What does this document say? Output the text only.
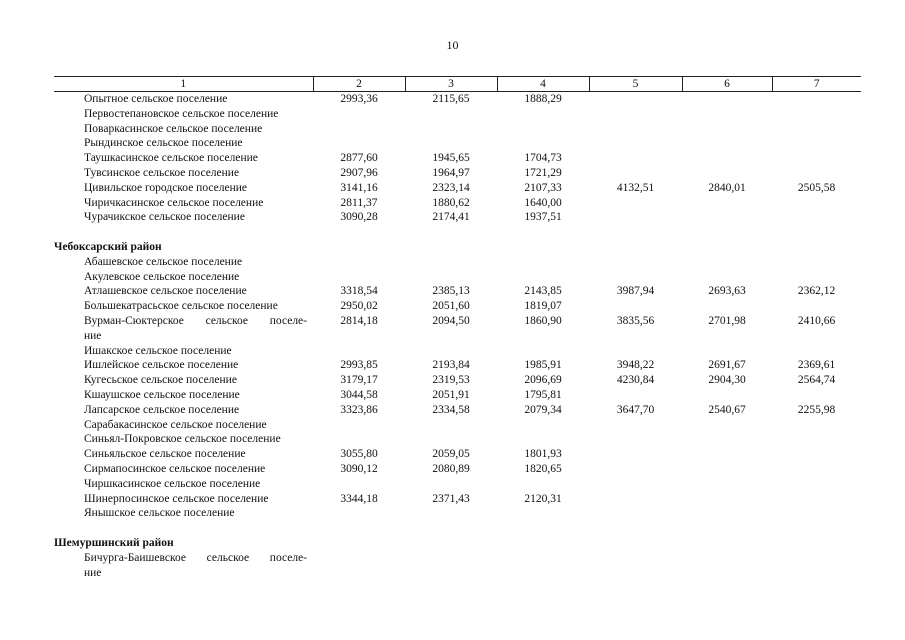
10
1	2	3	4	5	6	7
Опытное сельское поселение	2993,36	2115,65	1888,29			
Первостепановское сельское поселение						
Поваркасинское сельское поселение						
Рындинское сельское поселение						
Таушкасинское сельское поселение	2877,60	1945,65	1704,73			
Тувсинское сельское поселение	2907,96	1964,97	1721,29			
Цивильское городское поселение	3141,16	2323,14	2107,33	4132,51	2840,01	2505,58
Чиричкасинское сельское поселение	2811,37	1880,62	1640,00			
Чурачикское сельское поселение	3090,28	2174,41	1937,51			

Чебоксарский район						
Абашевское сельское поселение						
Акулевское сельское поселение						
Атлашевское сельское поселение	3318,54	2385,13	2143,85	3987,94	2693,63	2362,12
Большекатрасьское сельское поселение	2950,02	2051,60	1819,07			

Вурман-Сюктерское сельское поселе-
ние	2814,18	2094,50	1860,90	3835,56	2701,98	2410,66
Ишакское сельское поселение						
Ишлейское сельское поселение	2993,85	2193,84	1985,91	3948,22	2691,67	2369,61
Кугесьское сельское поселение	3179,17	2319,53	2096,69	4230,84	2904,30	2564,74
Кшаушское сельское поселение	3044,58	2051,91	1795,81			
Лапсарское сельское поселение	3323,86	2334,58	2079,34	3647,70	2540,67	2255,98
Сарабакасинское сельское поселение						
Синьял-Покровское сельское поселение						
Синьяльское сельское поселение	3055,80	2059,05	1801,93			
Сирмапосинское сельское поселение	3090,12	2080,89	1820,65			
Чиршкасинское сельское поселение						
Шинерпосинское сельское поселение	3344,18	2371,43	2120,31			
Янышское сельское поселение						

Шемуршинский район						

Бичурга-Баишевское сельское поселе-
ние						
